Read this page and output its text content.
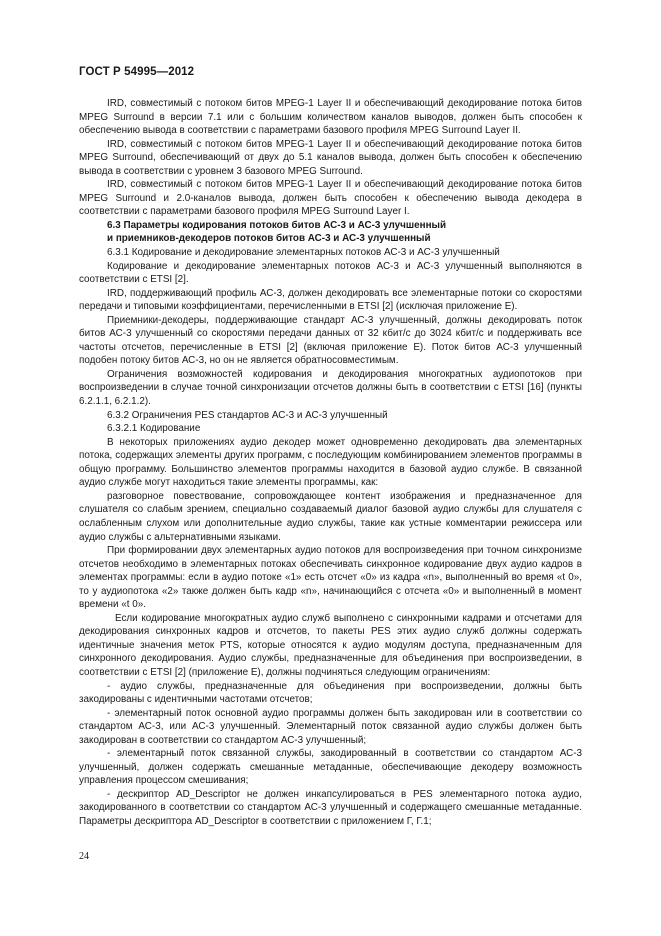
ГОСТ Р 54995—2012

IRD, совместимый с потоком битов MPEG-1 Layer II и обеспечивающий декодирование потока битов MPEG Surround в версии 7.1 или с большим количеством каналов выводов, должен быть способен к обеспечению вывода в соответствии с параметрами базового профиля MPEG Surround Layer II.

IRD, совместимый с потоком битов MPEG-1 Layer II и обеспечивающий декодирование потока битов MPEG Surround, обеспечивающий от двух до 5.1 каналов вывода, должен быть способен к обеспечению вывода в соответствии с уровнем 3 базового MPEG Surround.

IRD, совместимый с потоком битов MPEG-1 Layer II и обеспечивающий декодирование потока битов MPEG Surround и 2.0-каналов вывода, должен быть способен к обеспечению вывода декодера в соответствии с параметрами базового профиля MPEG Surround Layer I.

6.3 Параметры кодирования потоков битов АС-3 и АС-3 улучшенный

и приемников-декодеров потоков битов АС-3 и АС-3 улучшенный

6.3.1 Кодирование и декодирование элементарных потоков АС-3 и АС-3 улучшенный

Кодирование и декодирование элементарных потоков АС-3 и АС-3 улучшенный выполняются в соответствии с ETSI [2].

IRD, поддерживающий профиль АС-3, должен декодировать все элементарные потоки со скоростями передачи и типовыми коэффициентами, перечисленными в ETSI [2] (исключая приложение Е).

Приемники-декодеры, поддерживающие стандарт АС-3 улучшенный, должны декодировать поток битов АС-3 улучшенный со скоростями передачи данных от 32 кбит/с до 3024 кбит/с и поддерживать все частоты отсчетов, перечисленные в ETSI [2] (включая приложение Е). Поток битов АС-3 улучшенный подобен потоку битов АС-3, но он не является обратносовместимым.

Ограничения возможностей кодирования и декодирования многократных аудиопотоков при воспроизведении в случае точной синхронизации отсчетов должны быть в соответствии с ETSI [16] (пункты 6.2.1.1, 6.2.1.2).

6.3.2 Ограничения PES стандартов АС-3 и АС-3 улучшенный

6.3.2.1 Кодирование

В некоторых приложениях аудио декодер может одновременно декодировать два элементарных потока, содержащих элементы других программ, с последующим комбинированием элементов программы в общую программу. Большинство элементов программы находится в базовой аудио службе. В связанной аудио службе могут находиться такие элементы программы, как:

разговорное повествование, сопровождающее контент изображения и предназначенное для слушателя со слабым зрением, специально создаваемый диалог базовой аудио службы для слушателя с ослабленным слухом или дополнительные аудио службы, такие как устные комментарии режиссера или аудио службы с альтернативными языками.

При формировании двух элементарных аудио потоков для воспроизведения при точном синхронизме отсчетов необходимо в элементарных потоках обеспечивать синхронное кодирование двух аудио кадров в элементах программы: если в аудио потоке «1» есть отсчет «0» из кадра «n», выполненный во время «t 0», то у аудиопотока «2» также должен быть кадр «n», начинающийся с отсчета «0» и выполненный в момент времени «t 0».

Если кодирование многократных аудио служб выполнено с синхронными кадрами и отсчетами для декодирования синхронных кадров и отсчетов, то пакеты PES этих аудио служб должны содержать идентичные значения меток PTS, которые относятся к аудио модулям доступа, предназначенным для синхронного декодирования. Аудио службы, предназначенные для объединения при воспроизведении, в соответствии с ETSI [2] (приложение Е), должны подчиняться следующим ограничениям:

- аудио службы, предназначенные для объединения при воспроизведении, должны быть закодированы с идентичными частотами отсчетов;

- элементарный поток основной аудио программы должен быть закодирован или в соответствии со стандартом АС-3, или АС-3 улучшенный. Элементарный поток связанной аудио службы должен быть закодирован в соответствии со стандартом АС-3 улучшенный;

- элементарный поток связанной службы, закодированный в соответствии со стандартом АС-3 улучшенный, должен содержать смешанные метаданные, обеспечивающие декодеру возможность управления процессом смешивания;

- дескриптор AD_Descriptor не должен инкапсулироваться в PES элементарного потока аудио, закодированного в соответствии со стандартом АС-3 улучшенный и содержащего смешанные метаданные. Параметры дескриптора AD_Descriptor в соответствии с приложением Г, Г.1;

24
